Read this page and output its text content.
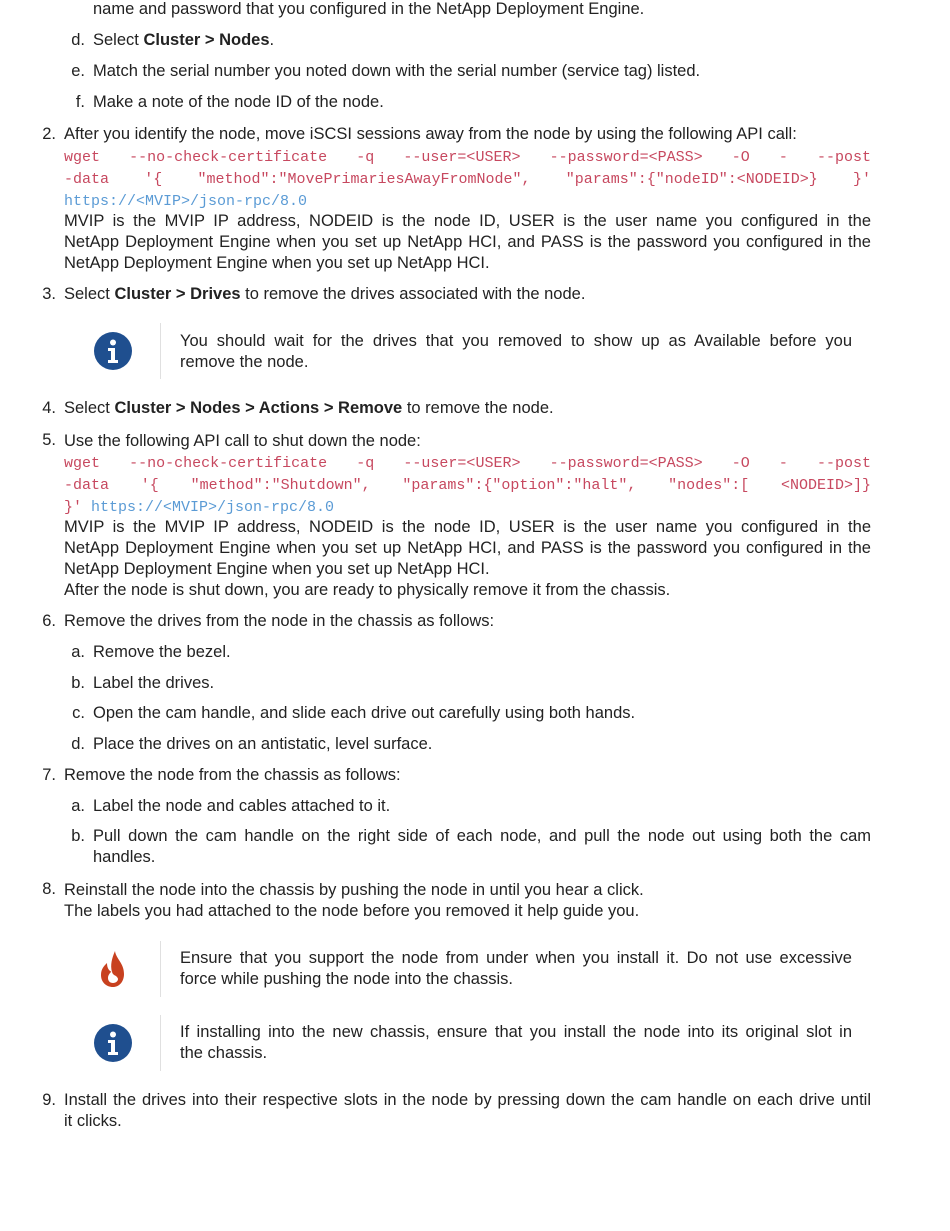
name and password that you configured in the NetApp Deployment Engine.
d. Select Cluster > Nodes.
e. Match the serial number you noted down with the serial number (service tag) listed.
f. Make a note of the node ID of the node.
2. After you identify the node, move iSCSI sessions away from the node by using the following API call:
wget --no-check-certificate -q --user=<USER> --password=<PASS> -O - --post
-data '{ "method":"MovePrimariesAwayFromNode", "params":{"nodeID":<NODEID>} }'
https://<MVIP>/json-rpc/8.0
MVIP is the MVIP IP address, NODEID is the node ID, USER is the user name you configured in the
NetApp Deployment Engine when you set up NetApp HCI, and PASS is the password you configured in the
NetApp Deployment Engine when you set up NetApp HCI.
3. Select Cluster > Drives to remove the drives associated with the node.
You should wait for the drives that you removed to show up as Available before you
remove the node.
4. Select Cluster > Nodes > Actions > Remove to remove the node.
5. Use the following API call to shut down the node:
wget --no-check-certificate -q --user=<USER> --password=<PASS> -O - --post
-data '{ "method":"Shutdown", "params":{"option":"halt", "nodes":[ <NODEID>]}
}' https://<MVIP>/json-rpc/8.0
MVIP is the MVIP IP address, NODEID is the node ID, USER is the user name you configured in the
NetApp Deployment Engine when you set up NetApp HCI, and PASS is the password you configured in the
NetApp Deployment Engine when you set up NetApp HCI.
After the node is shut down, you are ready to physically remove it from the chassis.
6. Remove the drives from the node in the chassis as follows:
a. Remove the bezel.
b. Label the drives.
c. Open the cam handle, and slide each drive out carefully using both hands.
d. Place the drives on an antistatic, level surface.
7. Remove the node from the chassis as follows:
a. Label the node and cables attached to it.
b. Pull down the cam handle on the right side of each node, and pull the node out using both the cam
handles.
8. Reinstall the node into the chassis by pushing the node in until you hear a click.
The labels you had attached to the node before you removed it help guide you.
Ensure that you support the node from under when you install it. Do not use excessive
force while pushing the node into the chassis.
If installing into the new chassis, ensure that you install the node into its original slot in
the chassis.
9. Install the drives into their respective slots in the node by pressing down the cam handle on each drive until
it clicks.
